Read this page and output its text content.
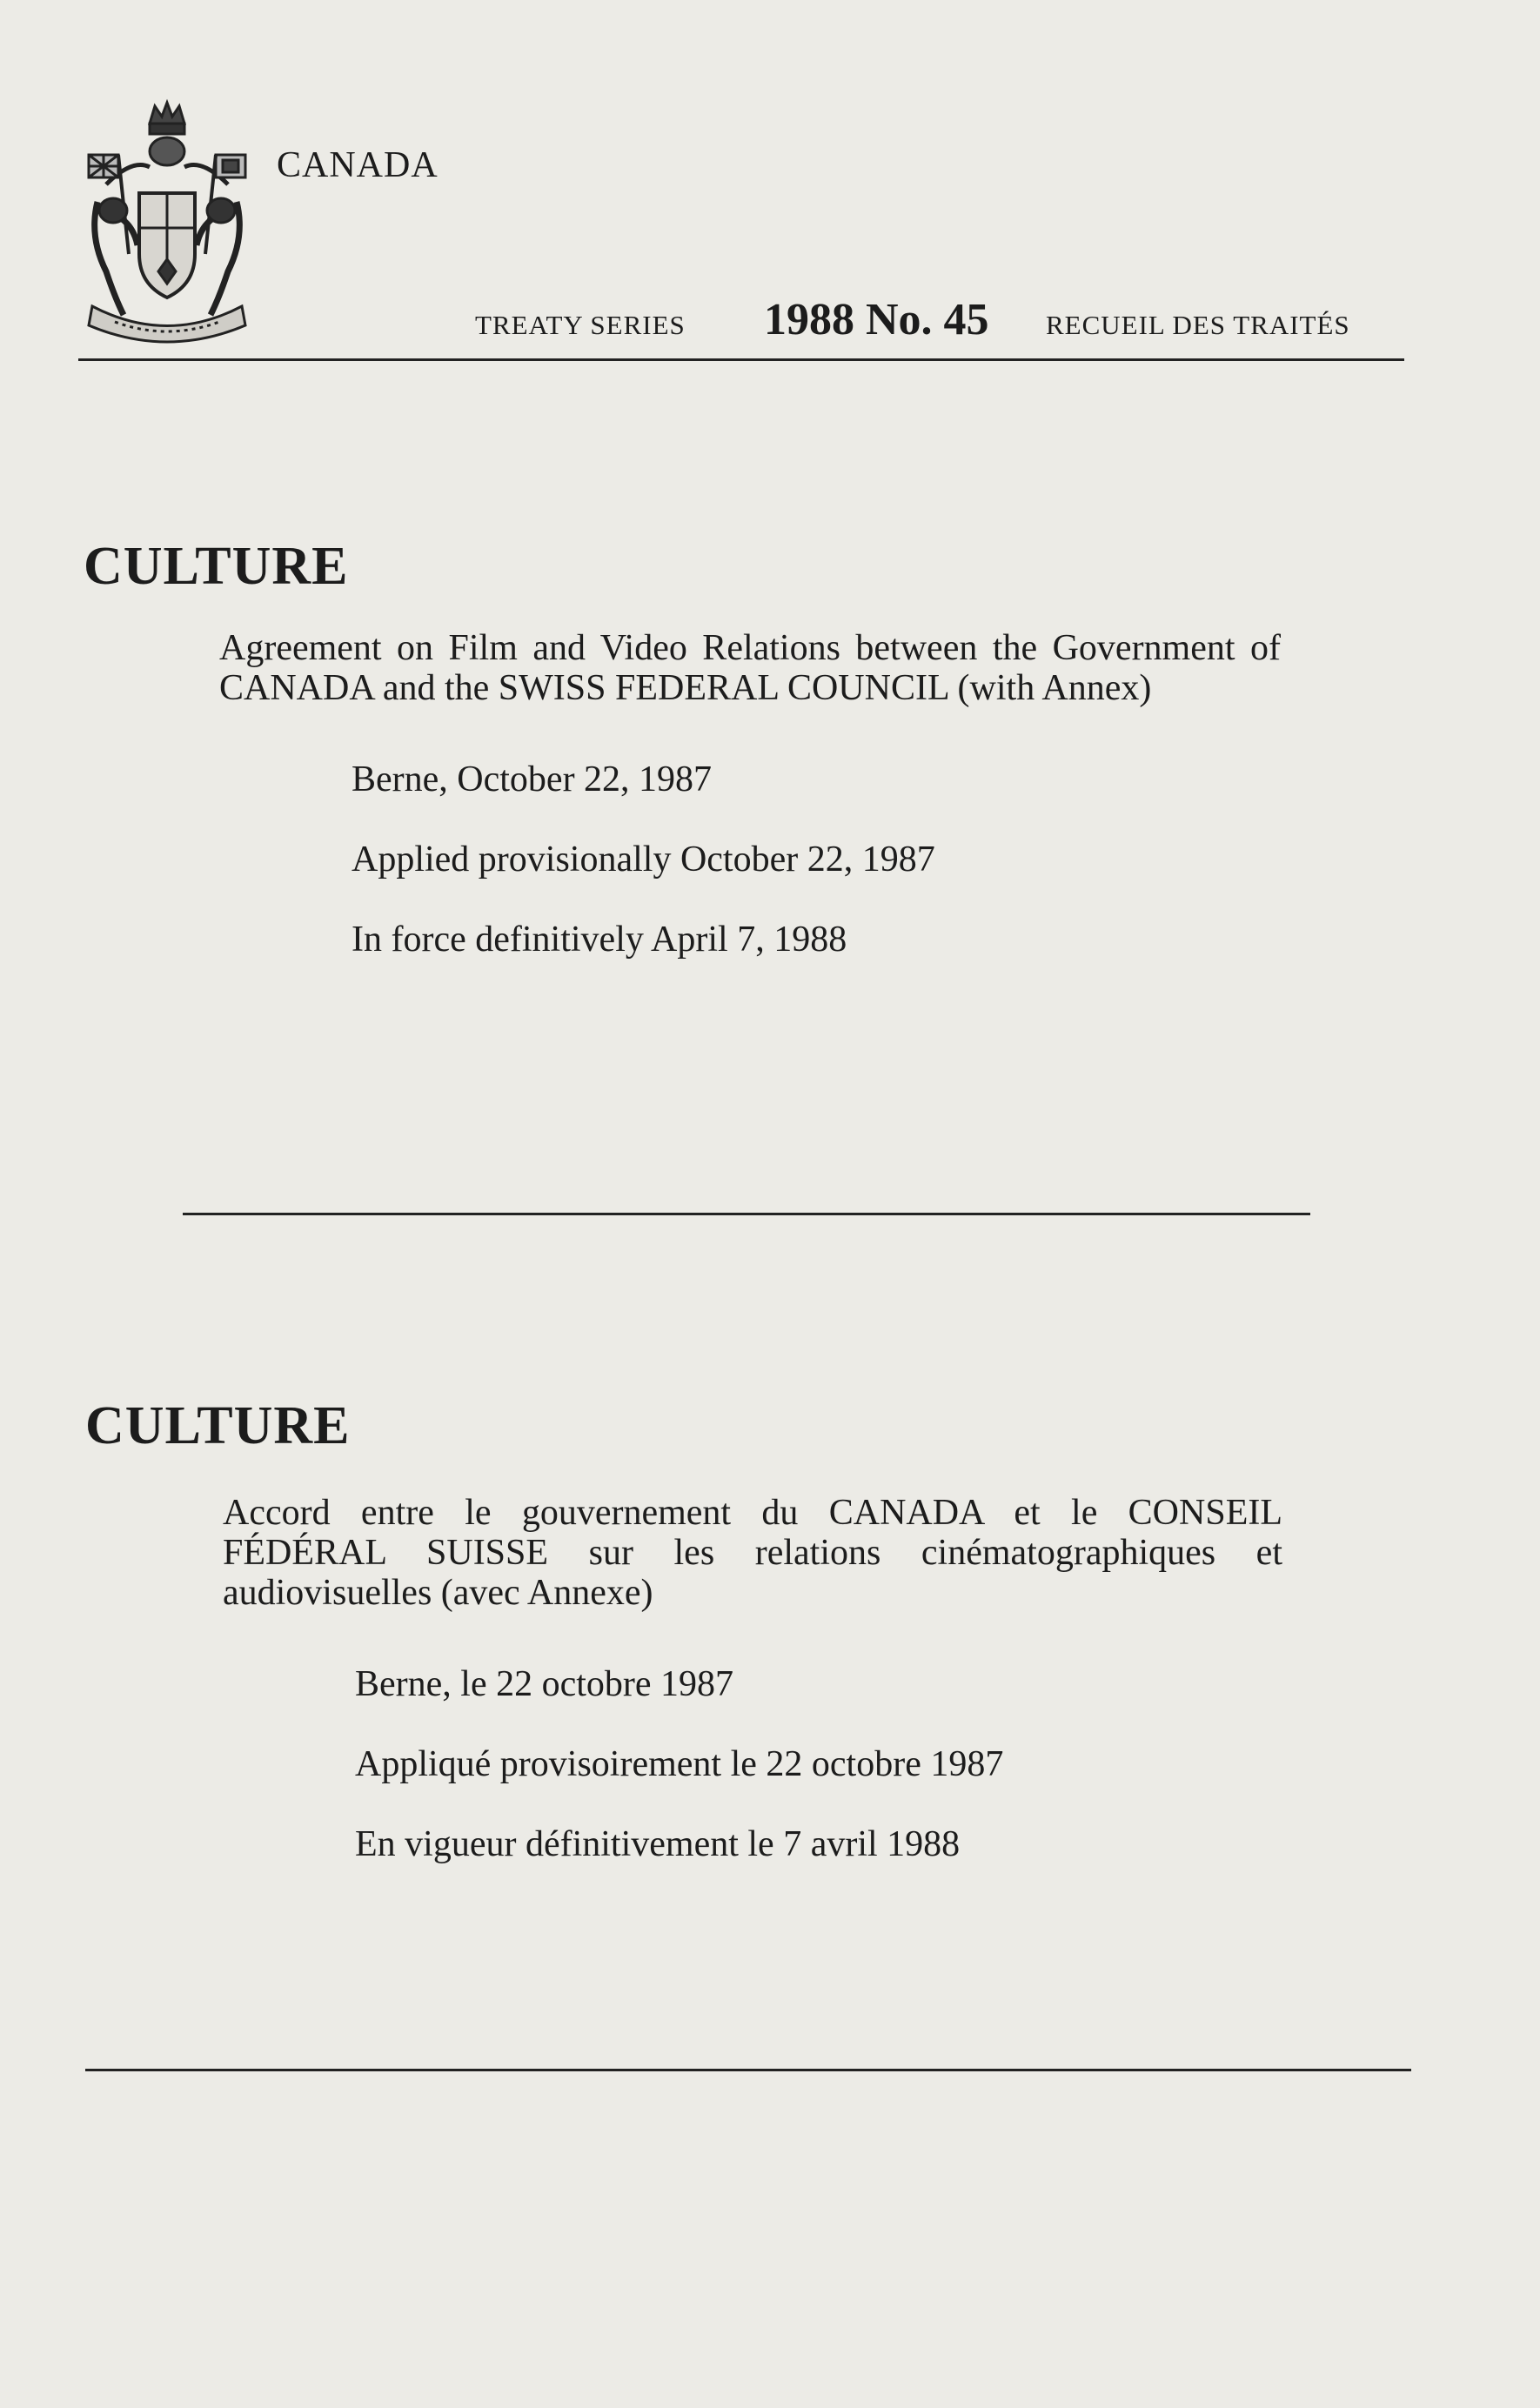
CANADA

TREATY SERIES 1988 No. 45 RECUEIL DES TRAITÉS

CULTURE

Agreement on Film and Video Relations between the Government of CANADA and the SWISS FEDERAL COUNCIL (with Annex)

Berne, October 22, 1987

Applied provisionally October 22, 1987

In force definitively April 7, 1988

CULTURE

Accord entre le gouvernement du CANADA et le CONSEIL
FÉDÉRAL SUISSE sur les relations cinématographiques et
audiovisuelles (avec Annexe)

Berne, le 22 octobre 1987

Appliqué provisoirement le 22 octobre 1987

En vigueur définitivement le 7 avril 1988
